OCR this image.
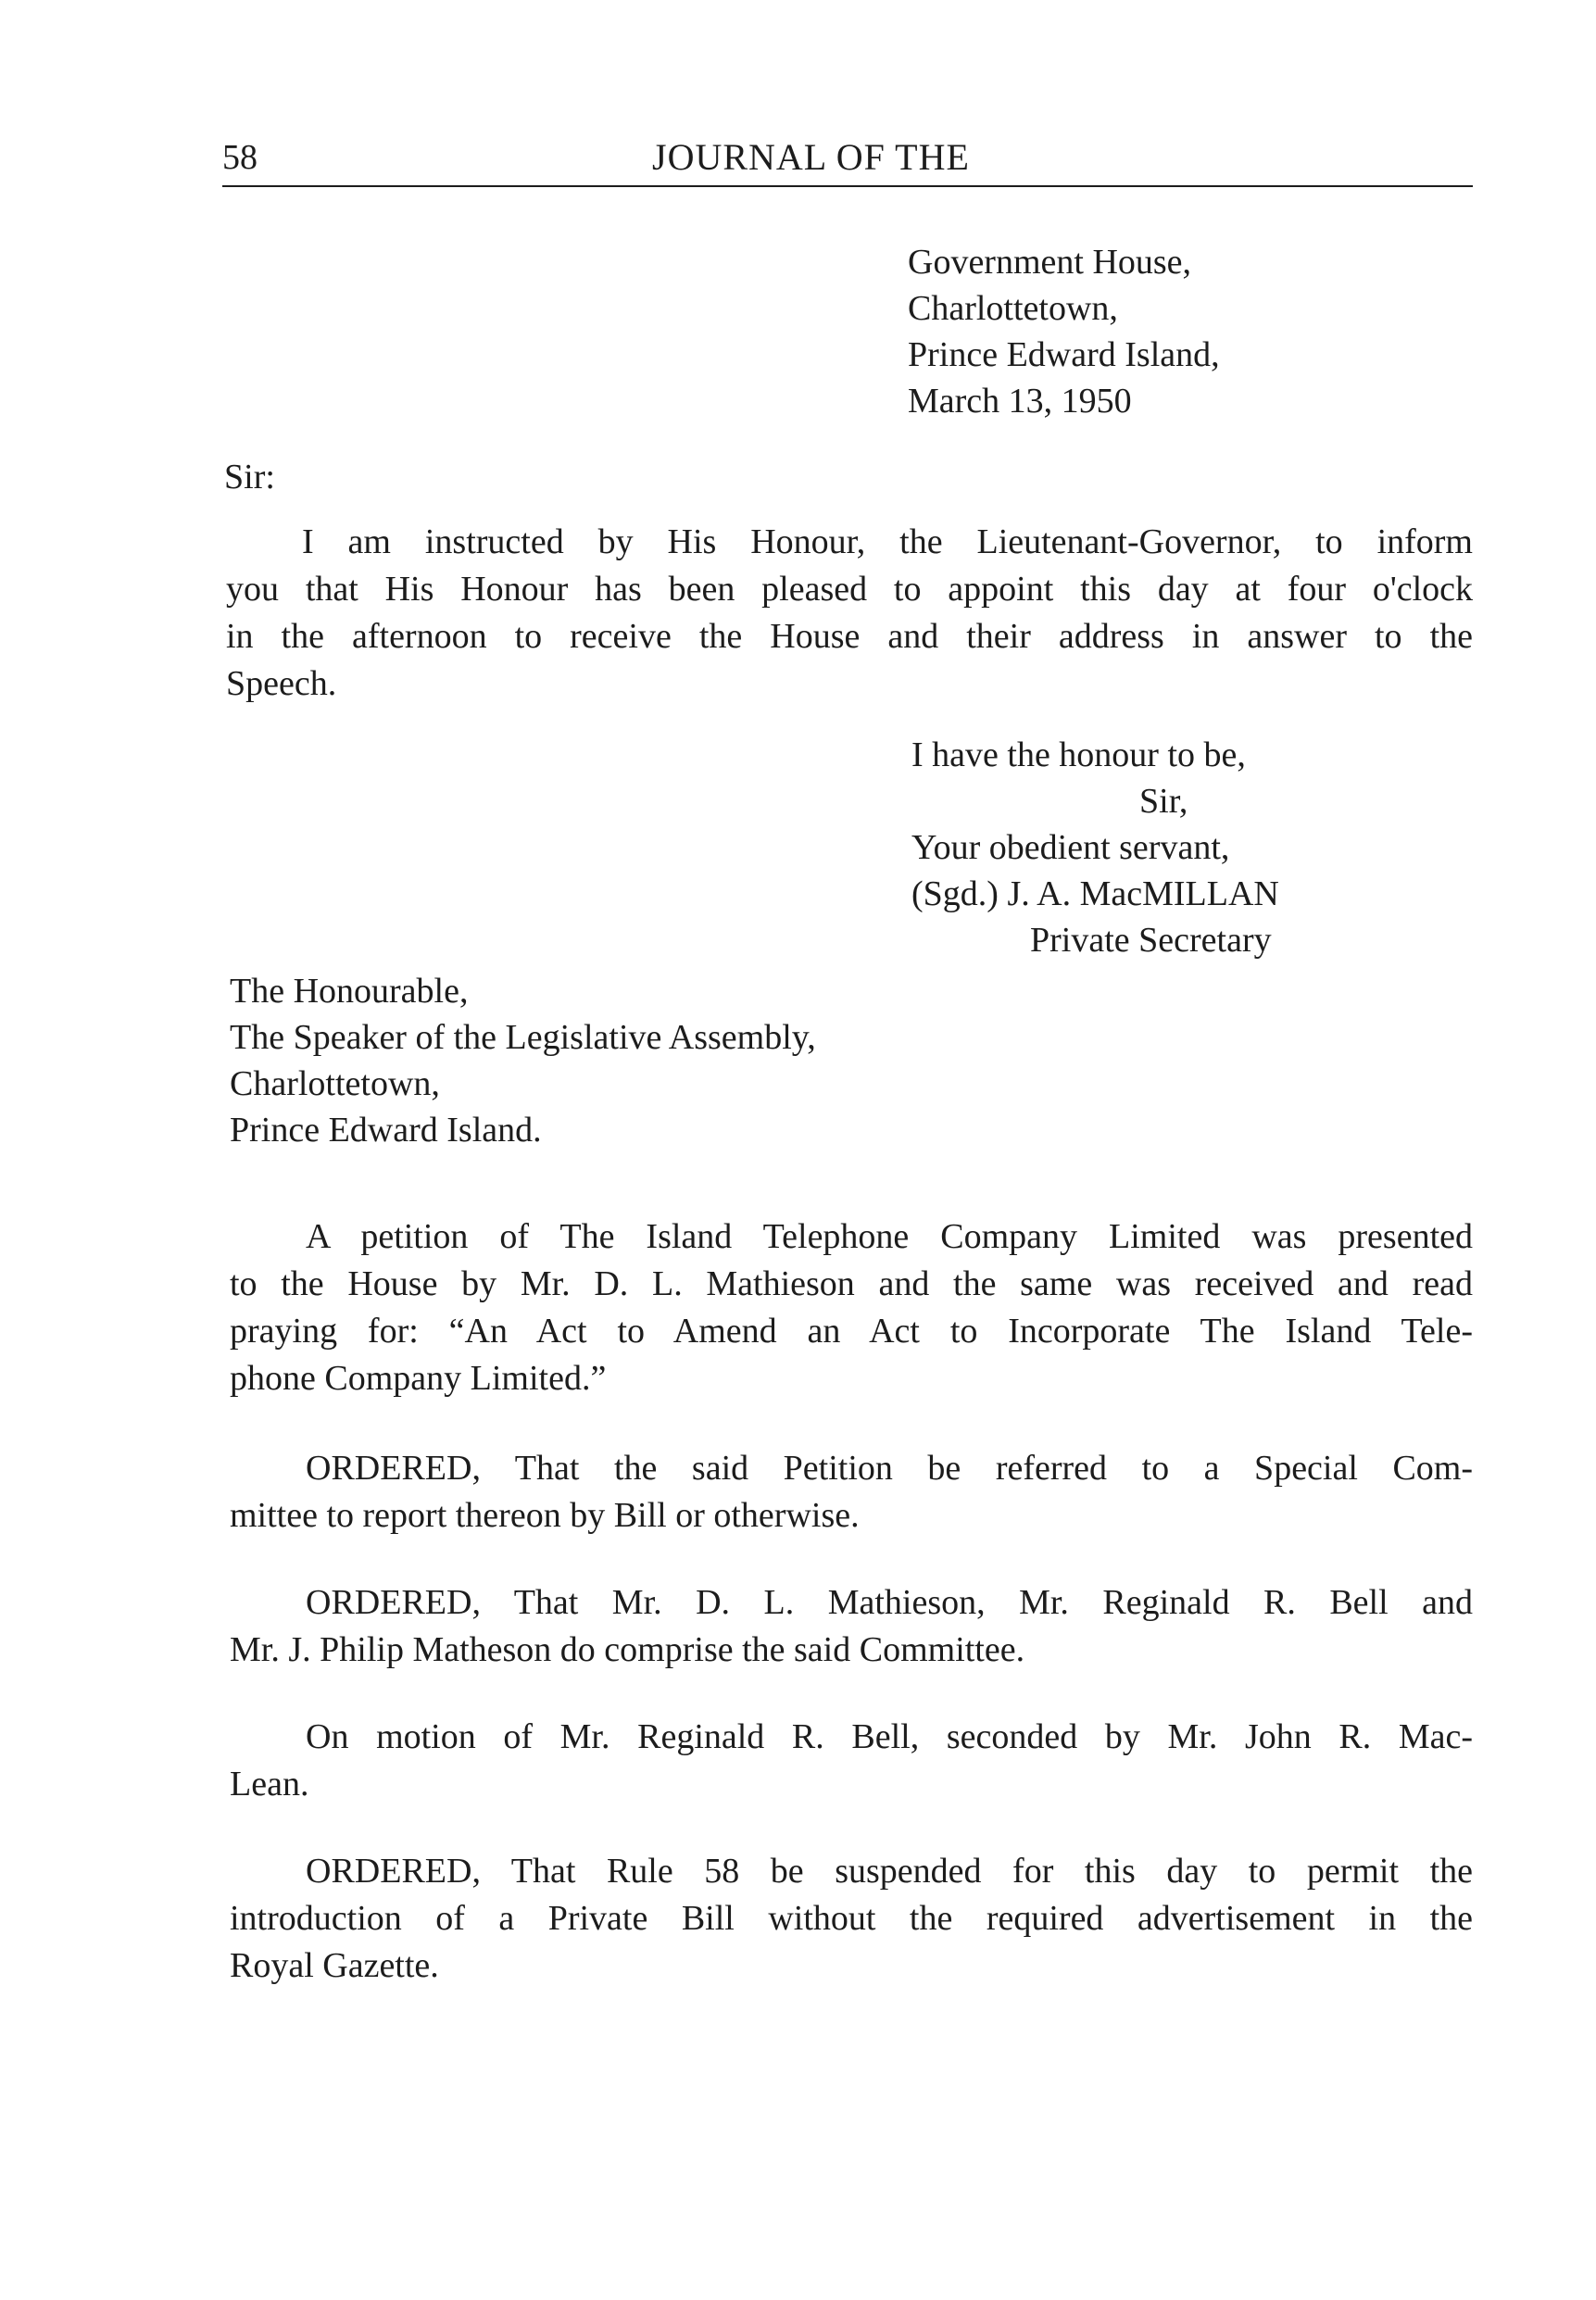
58	JOURNAL OF THE
Government House,
Charlottetown,
Prince Edward Island,
March 13, 1950
Sir:
I am instructed by His Honour, the Lieutenant-Governor, to inform
you that His Honour has been pleased to appoint this day at four o'clock
in the afternoon to receive the House and their address in answer to the
Speech.
I have the honour to be,
Sir,
Your obedient servant,
(Sgd.) J. A. MacMILLAN
Private Secretary
The Honourable,
The Speaker of the Legislative Assembly,
Charlottetown,
Prince Edward Island.
A petition of The Island Telephone Company Limited was presented
to the House by Mr. D. L. Mathieson and the same was received and read
praying for: “An Act to Amend an Act to Incorporate The Island Tele-
phone Company Limited.”
ORDERED, That the said Petition be referred to a Special Com-
mittee to report thereon by Bill or otherwise.
ORDERED, That Mr. D. L. Mathieson, Mr. Reginald R. Bell and
Mr. J. Philip Matheson do comprise the said Committee.
On motion of Mr. Reginald R. Bell, seconded by Mr. John R. Mac-
Lean.
ORDERED, That Rule 58 be suspended for this day to permit the
introduction of a Private Bill without the required advertisement in the
Royal Gazette.
